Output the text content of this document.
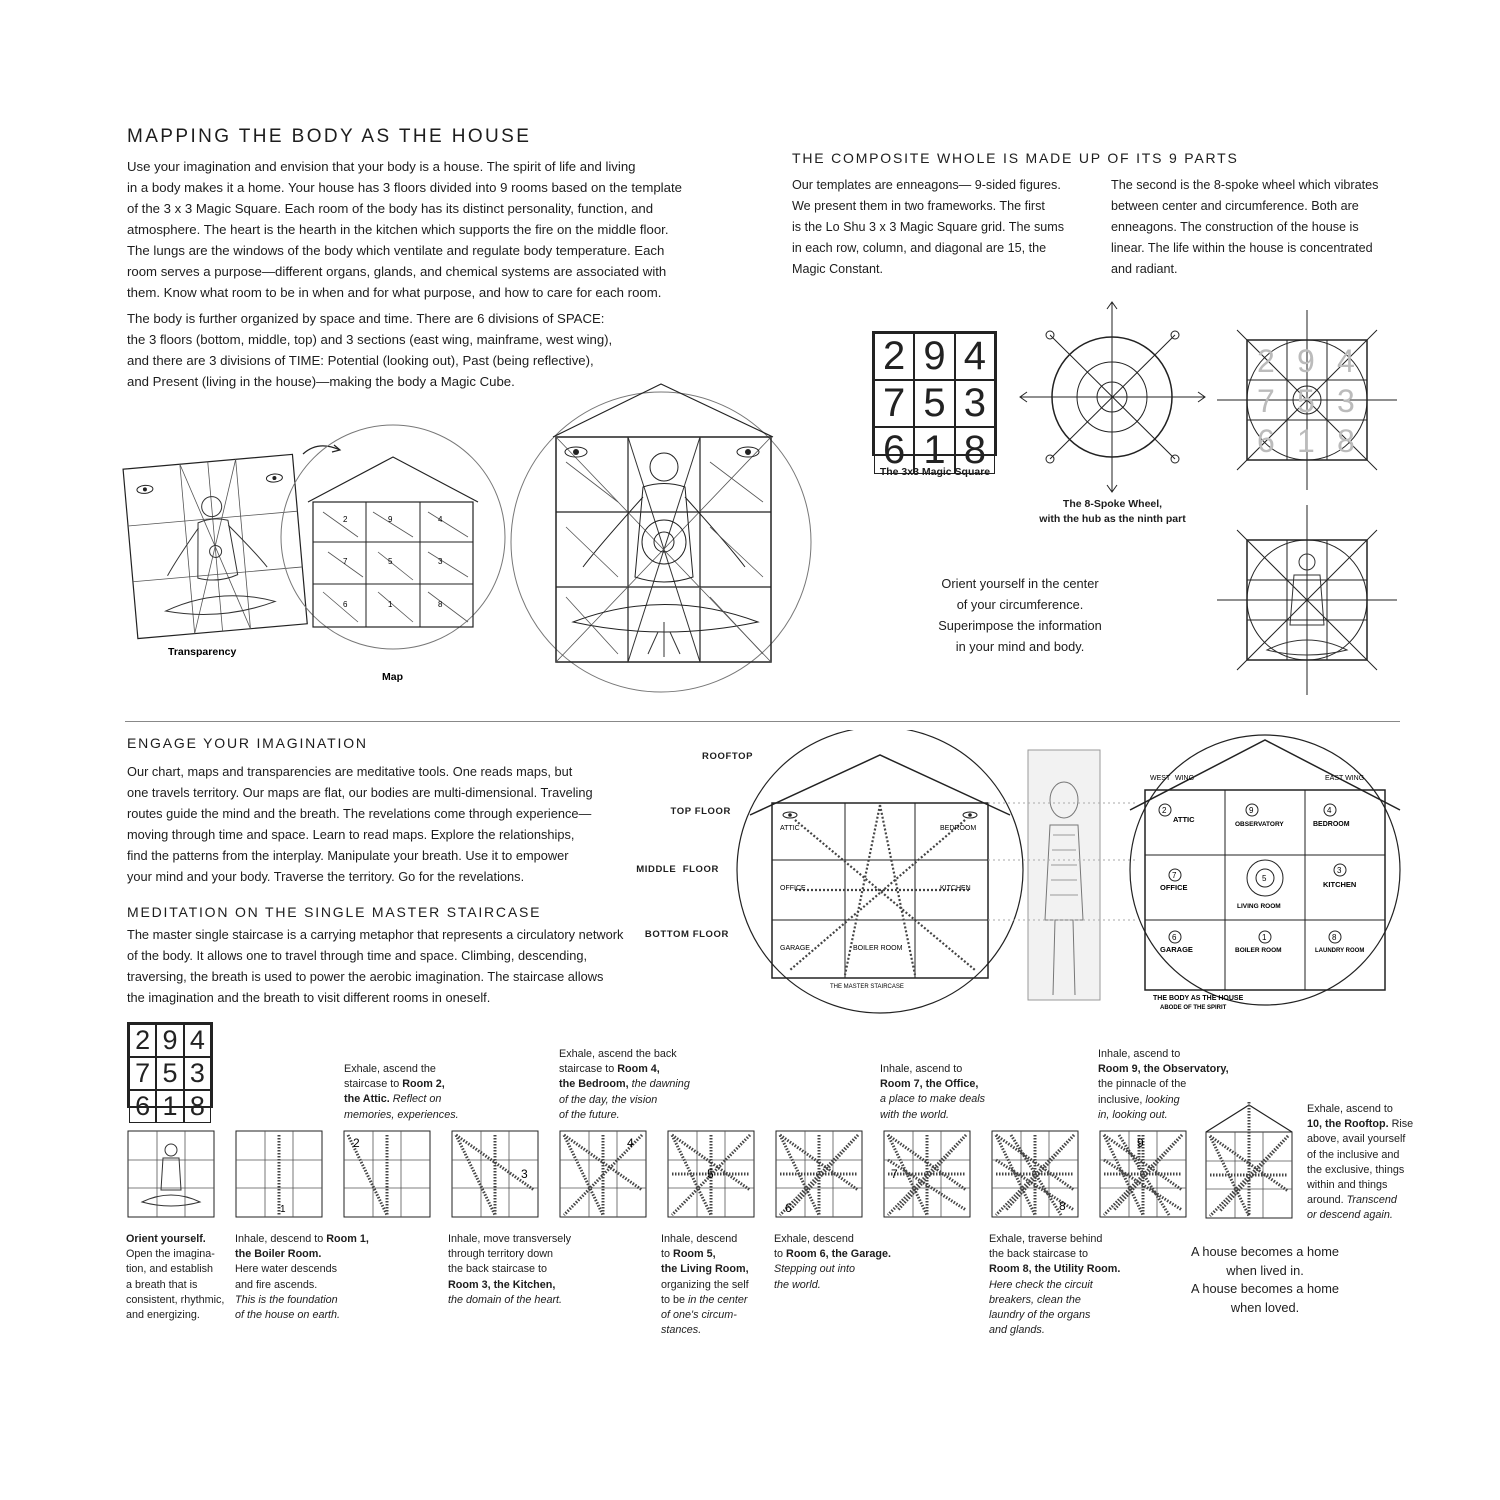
MAPPING THE BODY AS THE HOUSE
Use your imagination and envision that your body is a house. The spirit of life and living
in a body makes it a home. Your house has 3 floors divided into 9 rooms based on the template
of the 3 x 3 Magic Square. Each room of the body has its distinct personality, function, and
atmosphere. The heart is the hearth in the kitchen which supports the fire on the middle floor.
The lungs are the windows of the body which ventilate and regulate body temperature. Each
room serves a purpose—different organs, glands, and chemical systems are associated with
them. Know what room to be in when and for what purpose, and how to care for each room.
The body is further organized by space and time. There are 6 divisions of SPACE:
the 3 floors (bottom, middle, top) and 3 sections (east wing, mainframe, west wing),
and there are 3 divisions of TIME: Potential (looking out), Past (being reflective),
and Present (living in the house)—making the body a Magic Cube.
Transparency
2	9	4
7	5	3
6	1	8
Map
THE COMPOSITE WHOLE IS MADE UP OF ITS 9 PARTS
Our templates are enneagons— 9-sided figures.
We present them in two frameworks. The first
is the Lo Shu 3 x 3 Magic Square grid. The sums
in each row, column, and diagonal are 15, the
Magic Constant.
The second is the 8-spoke wheel which vibrates
between center and circumference. Both are
enneagons. The construction of the house is
linear. The life within the house is concentrated
and radiant.
2 9 4
7 5 3
6 1 8
The 3x3 Magic Square
The 8-Spoke Wheel,
with the hub as the ninth part
2 9 4
7 5 3
6 1 8
Orient yourself in the center
of your circumference.
Superimpose the information
in your mind and body.
ENGAGE YOUR IMAGINATION
Our chart, maps and transparencies are meditative tools. One reads maps, but
one travels territory. Our maps are flat, our bodies are multi-dimensional. Traveling
routes guide the mind and the breath. The revelations come through experience—
moving through time and space. Learn to read maps. Explore the relationships,
find the patterns from the interplay. Manipulate your breath. Use it to empower
your mind and your body. Traverse the territory. Go for the revelations.
MEDITATION ON THE SINGLE MASTER STAIRCASE
The master single staircase is a carrying metaphor that represents a circulatory network
of the body. It allows one to travel through time and space. Climbing, descending,
traversing, the breath is used to power the aerobic imagination. The staircase allows
the imagination and the breath to visit different rooms in oneself.
ROOFTOP
TOP FLOOR
MIDDLE  FLOOR
BOTTOM FLOOR
ATTIC	BEDROOM
OFFICE	KITCHEN
GARAGE	BOILER ROOM
THE MASTER STAIRCASE
WEST WING	EAST WING
2
ATTIC
9
OBSERVATORY
4
BEDROOM
7
OFFICE
5
LIVING ROOM
3
KITCHEN
6
GARAGE
1
BOILER ROOM
8
LAUNDRY ROOM
THE BODY AS THE HOUSE
ABODE OF THE SPIRIT
2 9 4
7 5 3
6 1 8
1
2
3
4
5
6
7
8
9
Orient yourself.
Open the imagina-
tion, and establish
a breath that is
consistent, rhythmic,
and energizing.
Inhale, descend to Room 1,
the Boiler Room.
Here water descends
and fire ascends.
This is the foundation
of the house on earth.
Exhale, ascend the
staircase to Room 2,
the Attic. Reflect on
memories, experiences.
Inhale, move transversely
through territory down
the back staircase to
Room 3, the Kitchen,
the domain of the heart.
Exhale, ascend the back
staircase to Room 4,
the Bedroom, the dawning
of the day, the vision
of the future.
Inhale, descend
to Room 5,
the Living Room,
organizing the self
to be in the center
of one's circum-
stances.
Exhale, descend
to Room 6, the Garage.
Stepping out into
the world.
Inhale, ascend to
Room 7, the Office,
a place to make deals
with the world.
Exhale, traverse behind
the back staircase to
Room 8, the Utility Room.
Here check the circuit
breakers, clean the
laundry of the organs
and glands.
Inhale, ascend to
Room 9, the Observatory,
the pinnacle of the
inclusive, looking
in, looking out.	Exhale, ascend to
10, the Rooftop. Rise
above, avail yourself
of the inclusive and
the exclusive, things
within and things
around. Transcend
or descend again.
A house becomes a home
when lived in.
A house becomes a home
when loved.
